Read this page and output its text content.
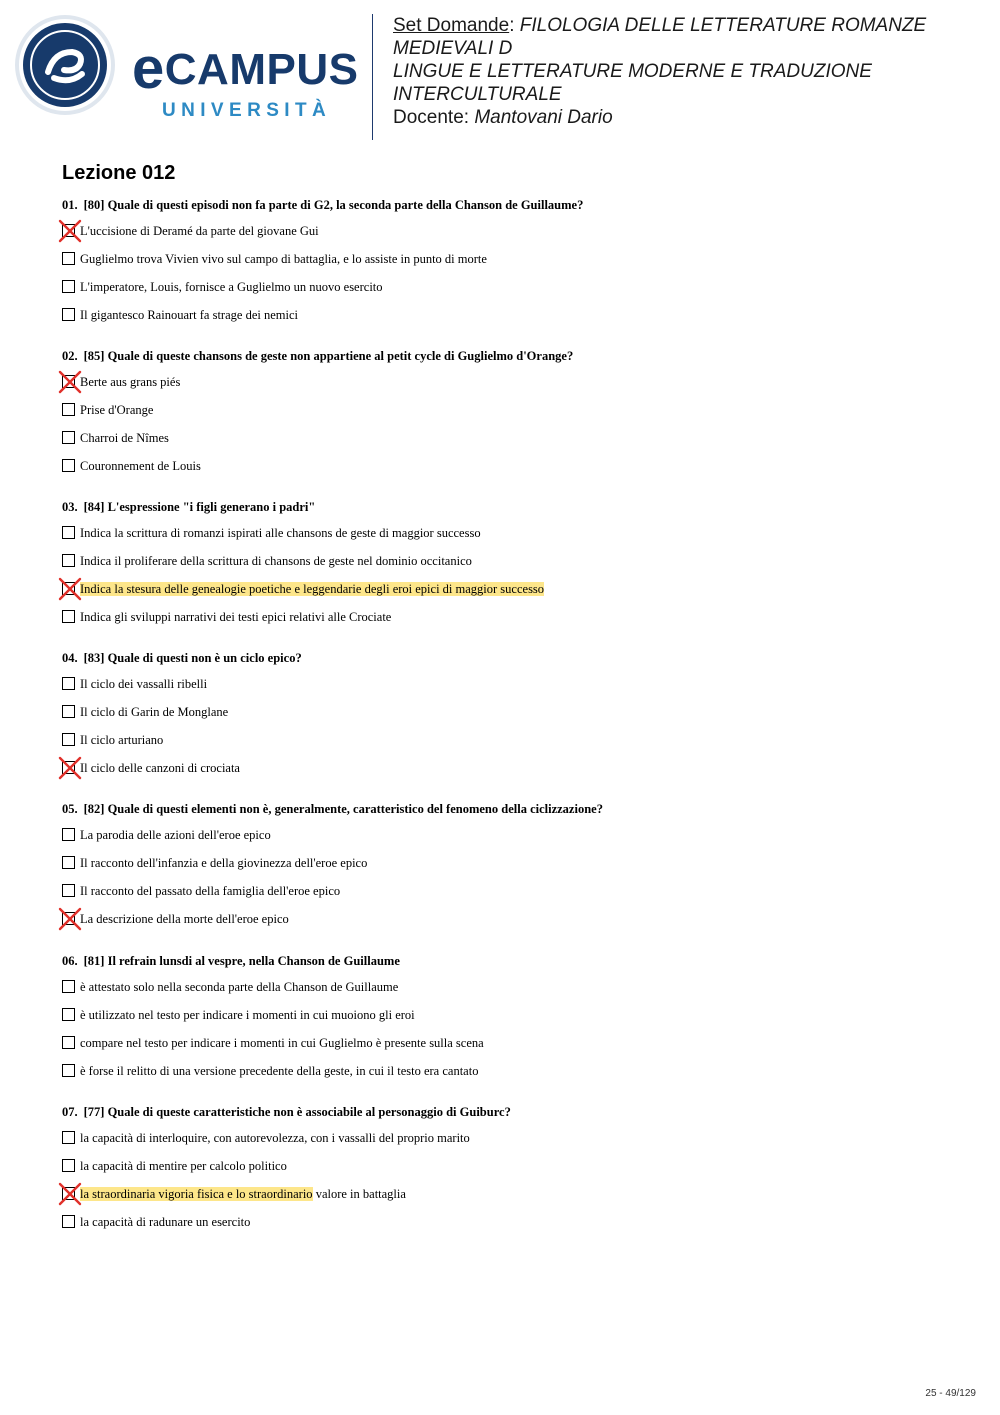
eCAMPUS
UNIVERSITÀ
Set Domande: FILOLOGIA DELLE LETTERATURE ROMANZE MEDIEVALI D
LINGUE E LETTERATURE MODERNE E TRADUZIONE INTERCULTURALE
Docente: Mantovani Dario
Lezione 012
01. [80] Quale di questi episodi non fa parte di G2, la seconda parte della Chanson de Guillaume?
L'uccisione di Deramé da parte del giovane Gui
Guglielmo trova Vivien vivo sul campo di battaglia, e lo assiste in punto di morte
L'imperatore, Louis, fornisce a Guglielmo un nuovo esercito
Il gigantesco Rainouart fa strage dei nemici
02. [85] Quale di queste chansons de geste non appartiene al petit cycle di Guglielmo d'Orange?
Berte aus grans piés
Prise d'Orange
Charroi de Nîmes
Couronnement de Louis
03. [84] L'espressione "i figli generano i padri"
Indica la scrittura di romanzi ispirati alle chansons de geste di maggior successo
Indica il proliferare della scrittura di chansons de geste nel dominio occitanico
Indica la stesura delle genealogie poetiche e leggendarie degli eroi epici di maggior successo
Indica gli sviluppi narrativi dei testi epici relativi alle Crociate
04. [83] Quale di questi non è un ciclo epico?
Il ciclo dei vassalli ribelli
Il ciclo di Garin de Monglane
Il ciclo arturiano
Il ciclo delle canzoni di crociata
05. [82] Quale di questi elementi non è, generalmente, caratteristico del fenomeno della ciclizzazione?
La parodia delle azioni dell'eroe epico
Il racconto dell'infanzia e della giovinezza dell'eroe epico
Il racconto del passato della famiglia dell'eroe epico
La descrizione della morte dell'eroe epico
06. [81] Il refrain lunsdi al vespre, nella Chanson de Guillaume
è attestato solo nella seconda parte della Chanson de Guillaume
è utilizzato nel testo per indicare i momenti in cui muoiono gli eroi
compare nel testo per indicare i momenti in cui Guglielmo è presente sulla scena
è forse il relitto di una versione precedente della geste, in cui il testo era cantato
07. [77] Quale di queste caratteristiche non è associabile al personaggio di Guiburc?
la capacità di interloquire, con autorevolezza, con i vassalli del proprio marito
la capacità di mentire per calcolo politico
la straordinaria vigoria fisica e lo straordinario valore in battaglia
la capacità di radunare un esercito
25 - 49/129
